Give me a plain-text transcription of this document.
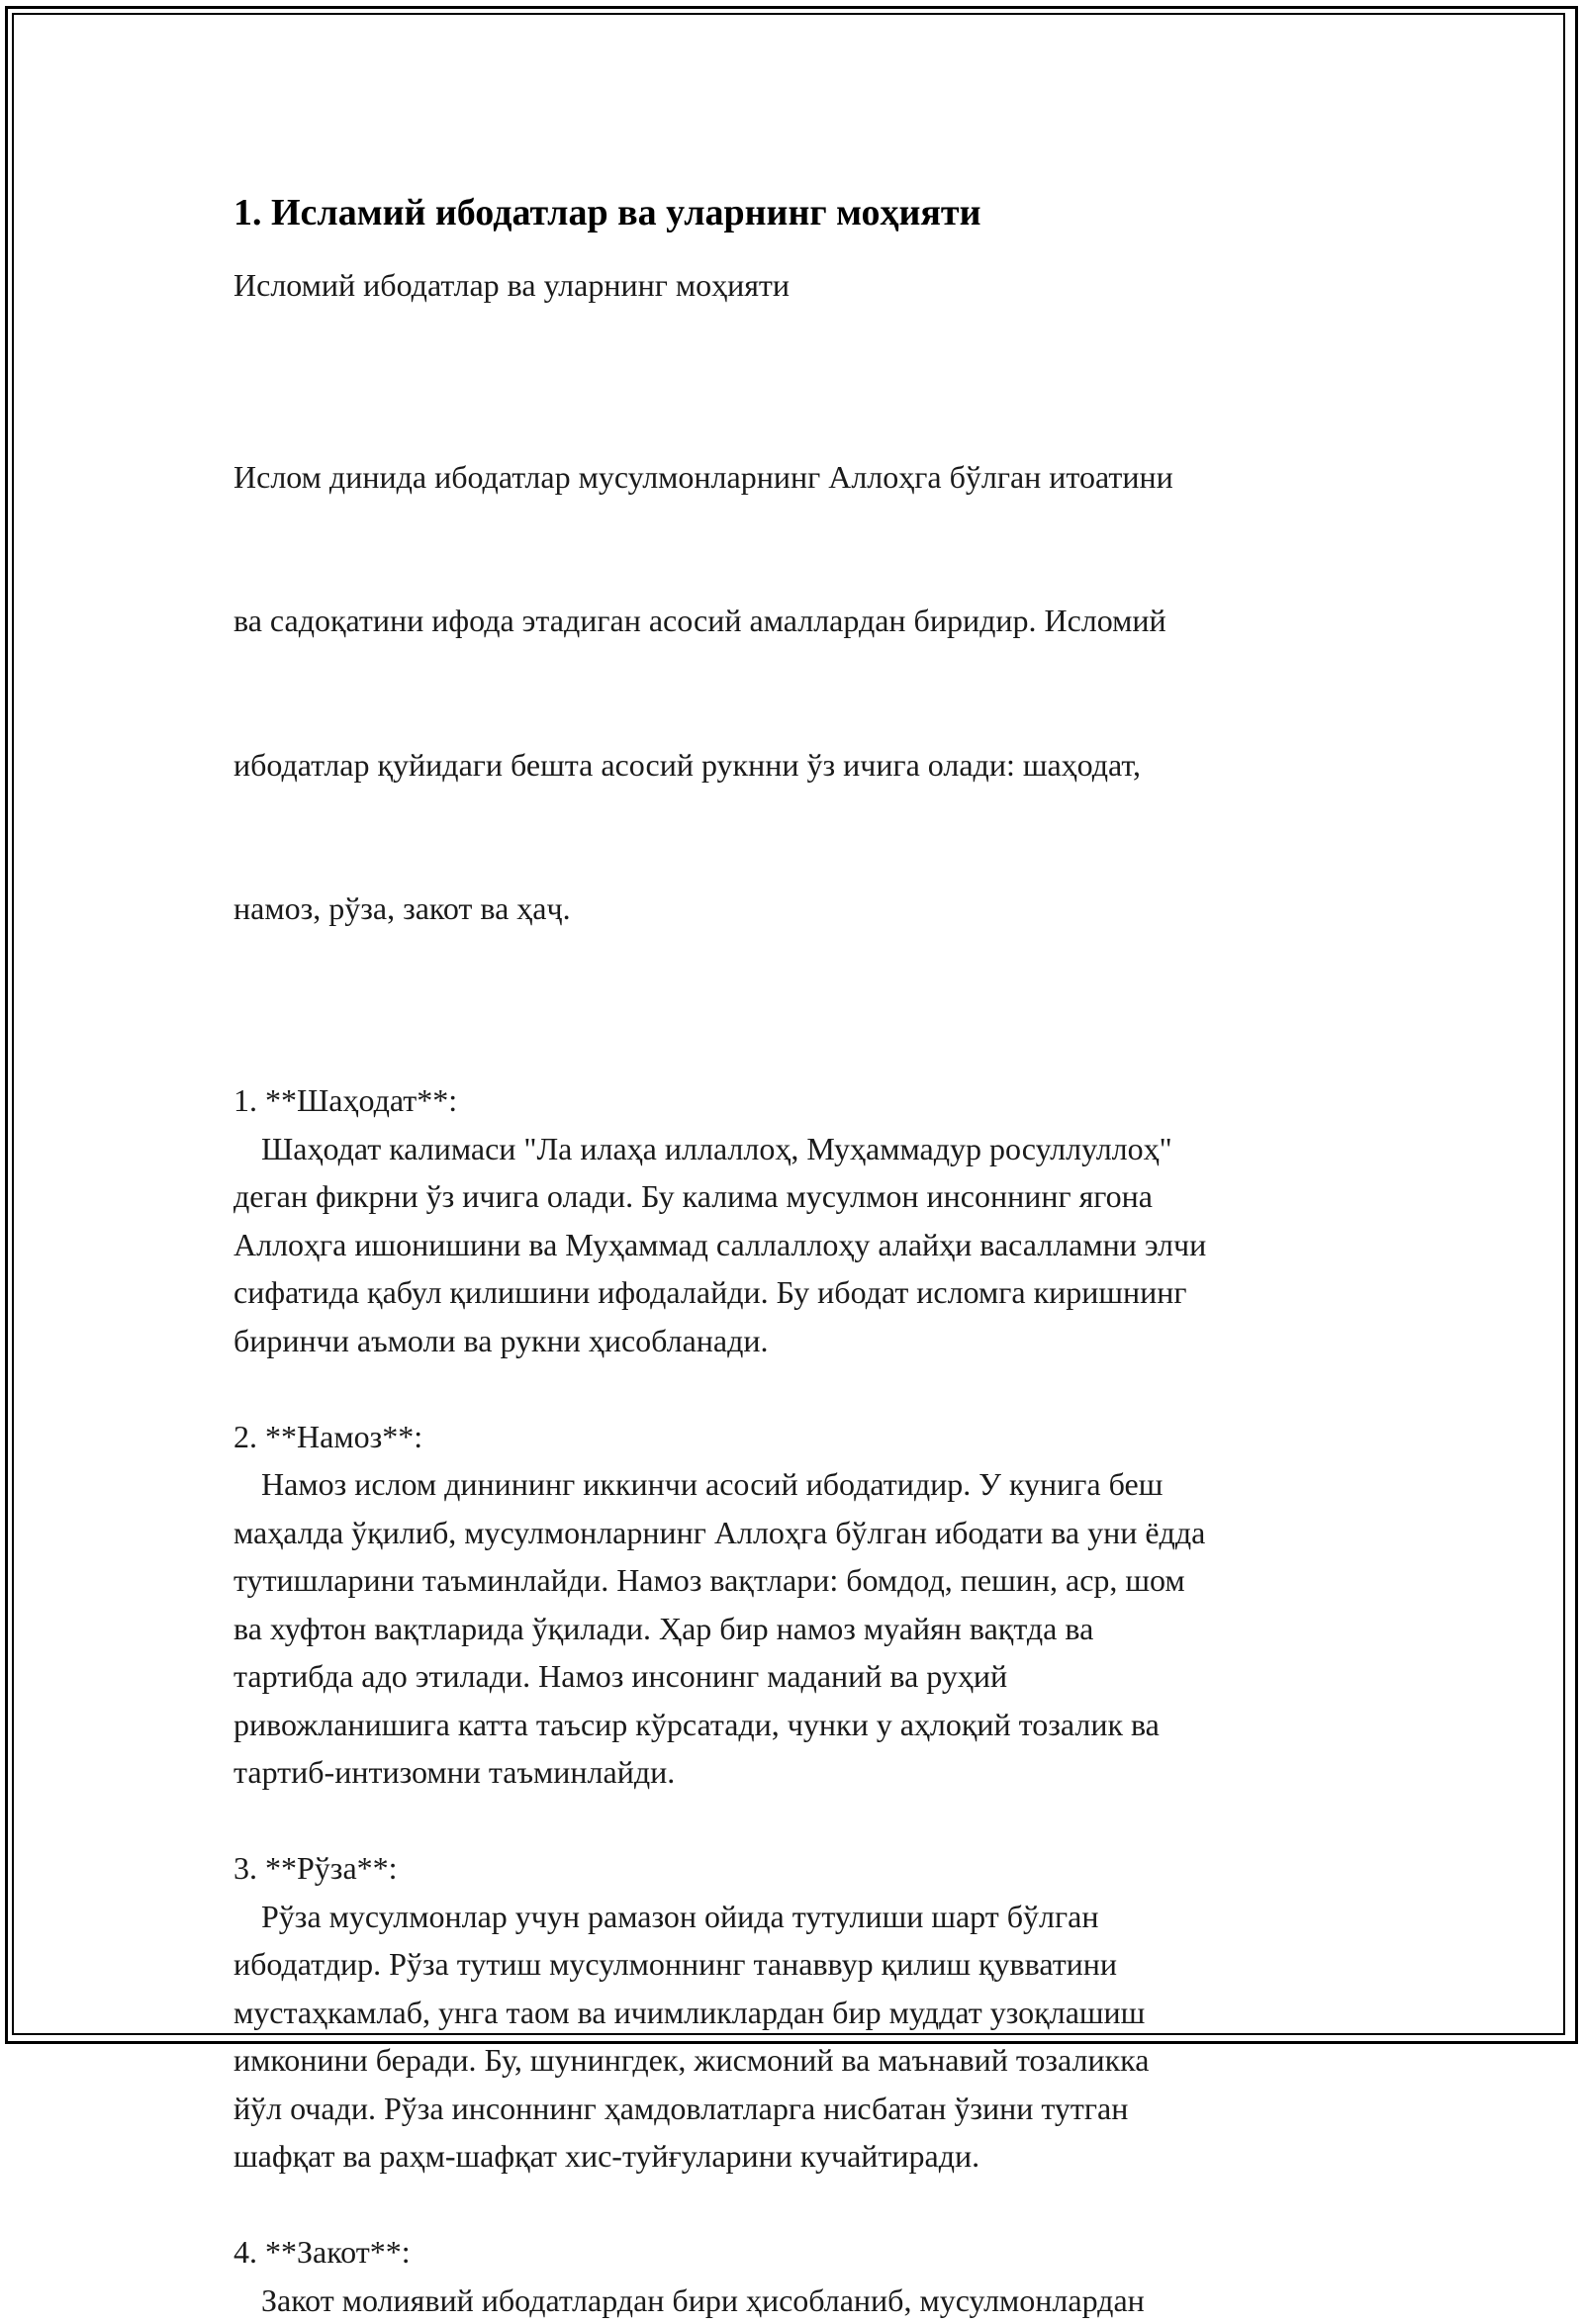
1. Исламий ибодатлар ва уларнинг моҳияти
Исломий ибодатлар ва уларнинг моҳияти

Ислом динида ибодатлар мусулмонларнинг Аллоҳга бўлган итоатини

ва садоқатини ифода этадиган асосий амаллардан биридир. Исломий

ибодатлар қуйидаги бешта асосий рукнни ўз ичига олади: шаҳодат,

намоз, рўза, закот ва ҳаҷ.

1. **Шаҳодат**:
Шаҳодат калимаси "Ла илаҳа иллаллоҳ, Муҳаммадур росуллуллоҳ"
деган фикрни ўз ичига олади. Бу калима мусулмон инсоннинг ягона
Аллоҳга ишонишини ва Муҳаммад саллаллоҳу алайҳи васалламни элчи
сифатида қабул қилишини ифодалайди. Бу ибодат исломга киришнинг
биринчи аъмоли ва рукни ҳисобланади.
2. **Намоз**:
Намоз ислом динининг иккинчи асосий ибодатидир. У кунига беш
маҳалда ўқилиб, мусулмонларнинг Аллоҳга бўлган ибодати ва уни ёдда
тутишларини таъминлайди. Намоз вақтлари: бомдод, пешин, аср, шом
ва хуфтон вақтларида ўқилади. Ҳар бир намоз муайян вақтда ва
тартибда адо этилади. Намоз инсонинг маданий ва руҳий
ривожланишига катта таъсир кўрсатади, чунки у аҳлоқий тозалик ва
тартиб-интизомни таъминлайди.
3. **Рўза**:
Рўза мусулмонлар учун рамазон ойида тутулиши шарт бўлган
ибодатдир. Рўза тутиш мусулмоннинг танаввур қилиш қувватини
мустаҳкамлаб, унга таом ва ичимликлардан бир муддат узоқлашиш
имконини беради. Бу, шунингдек, жисмоний ва маънавий тозаликка
йўл очади. Рўза инсоннинг ҳамдовлатларга нисбатан ўзини тутган
шафқат ва раҳм-шафқат хис-туйғуларини кучайтиради.
4. **Закот**:
Закот молиявий ибодатлардан бири ҳисобланиб, мусулмонлардан
